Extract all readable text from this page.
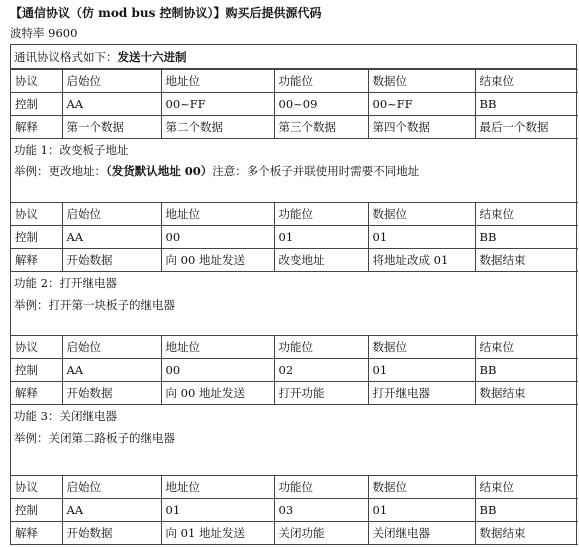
【通信协议（仿 mod bus 控制协议）】购买后提供源代码
波特率 9600
通讯协议格式如下：发送十六进制
协议	启始位	地址位	功能位	数据位	结束位
控制	AA	00~FF	00~09	00~FF	BB
解释	第一个数据	第二个数据	第三个数据	第四个数据	最后一个数据
功能 1：改变板子地址
举例：更改地址：（发货默认地址 00）注意：多个板子并联使用时需要不同地址
协议	启始位	地址位	功能位	数据位	结束位
控制	AA	00	01	01	BB
解释	开始数据	向 00 地址发送	改变地址	将地址改成 01	数据结束
功能 2：打开继电器
举例：打开第一块板子的继电器
协议	启始位	地址位	功能位	数据位	结束位
控制	AA	00	02	01	BB
解释	开始数据	向 00 地址发送	打开功能	打开继电器	数据结束
功能 3：关闭继电器
举例：关闭第二路板子的继电器
协议	启始位	地址位	功能位	数据位	结束位
控制	AA	01	03	01	BB
解释	开始数据	向 01 地址发送	关闭功能	关闭继电器	数据结束
